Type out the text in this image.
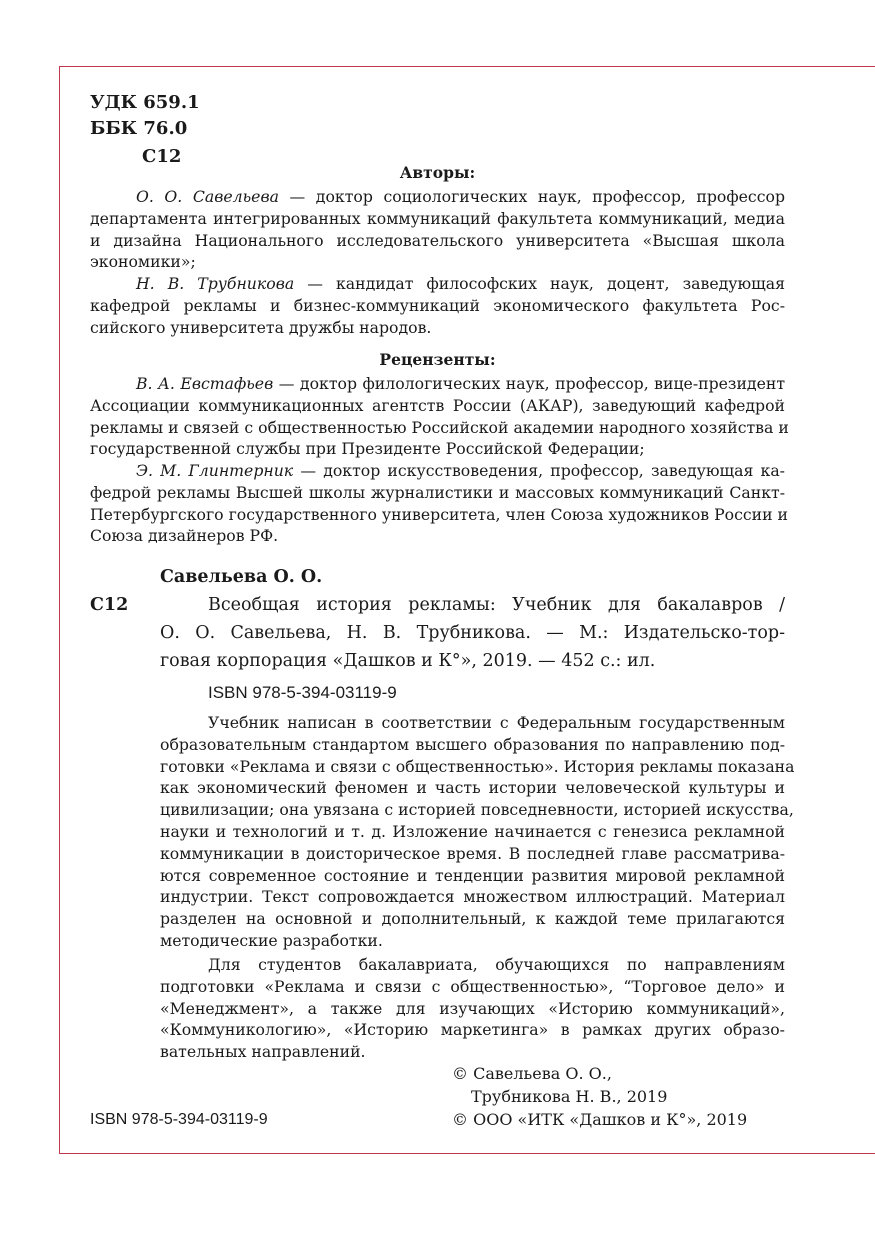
УДК 659.1
ББК 76.0
С12
Авторы:
О. О. Савельева — доктор социологических наук, профессор, профессор
департамента интегрированных коммуникаций факультета коммуникаций, медиа
и дизайна Национального исследовательского университета «Высшая школа
экономики»;
Н. В. Трубникова — кандидат философских наук, доцент, заведующая
кафедрой рекламы и бизнес-коммуникаций экономического факультета Рос-
сийского университета дружбы народов.
Рецензенты:
В. А. Евстафьев — доктор филологических наук, профессор, вице-президент
Ассоциации коммуникационных агентств России (АКАР), заведующий кафедрой
рекламы и связей с общественностью Российской академии народного хозяйства и
государственной службы при Президенте Российской Федерации;
Э. М. Глинтерник — доктор искусствоведения, профессор, заведующая ка-
федрой рекламы Высшей школы журналистики и массовых коммуникаций Санкт-
Петербургского государственного университета, член Союза художников России и
Союза дизайнеров РФ.
Савельева О. О.
С12	Всеобщая история рекламы: Учебник для бакалавров /
О. О. Савельева, Н. В. Трубникова. — М.: Издательско-тор-
говая корпорация «Дашков и К°», 2019. — 452 с.: ил.
ISBN 978-5-394-03119-9
Учебник написан в соответствии с Федеральным государственным
образовательным стандартом высшего образования по направлению под-
готовки «Реклама и связи с общественностью». История рекламы показана
как экономический феномен и часть истории человеческой культуры и
цивилизации; она увязана с историей повседневности, историей искусства,
науки и технологий и т. д. Изложение начинается с генезиса рекламной
коммуникации в доисторическое время. В последней главе рассматрива-
ются современное состояние и тенденции развития мировой рекламной
индустрии. Текст сопровождается множеством иллюстраций. Материал
разделен на основной и дополнительный, к каждой теме прилагаются
методические разработки.
Для студентов бакалавриата, обучающихся по направлениям
подготовки «Реклама и связи с общественностью», “Торговое дело» и
«Менеджмент», а также для изучающих «Историю коммуникаций»,
«Коммуникологию», «Историю маркетинга» в рамках других образо-
вательных направлений.
© Савельева О. О.,
Трубникова Н. В., 2019
© ООО «ИТК «Дашков и К°», 2019
ISBN 978-5-394-03119-9
